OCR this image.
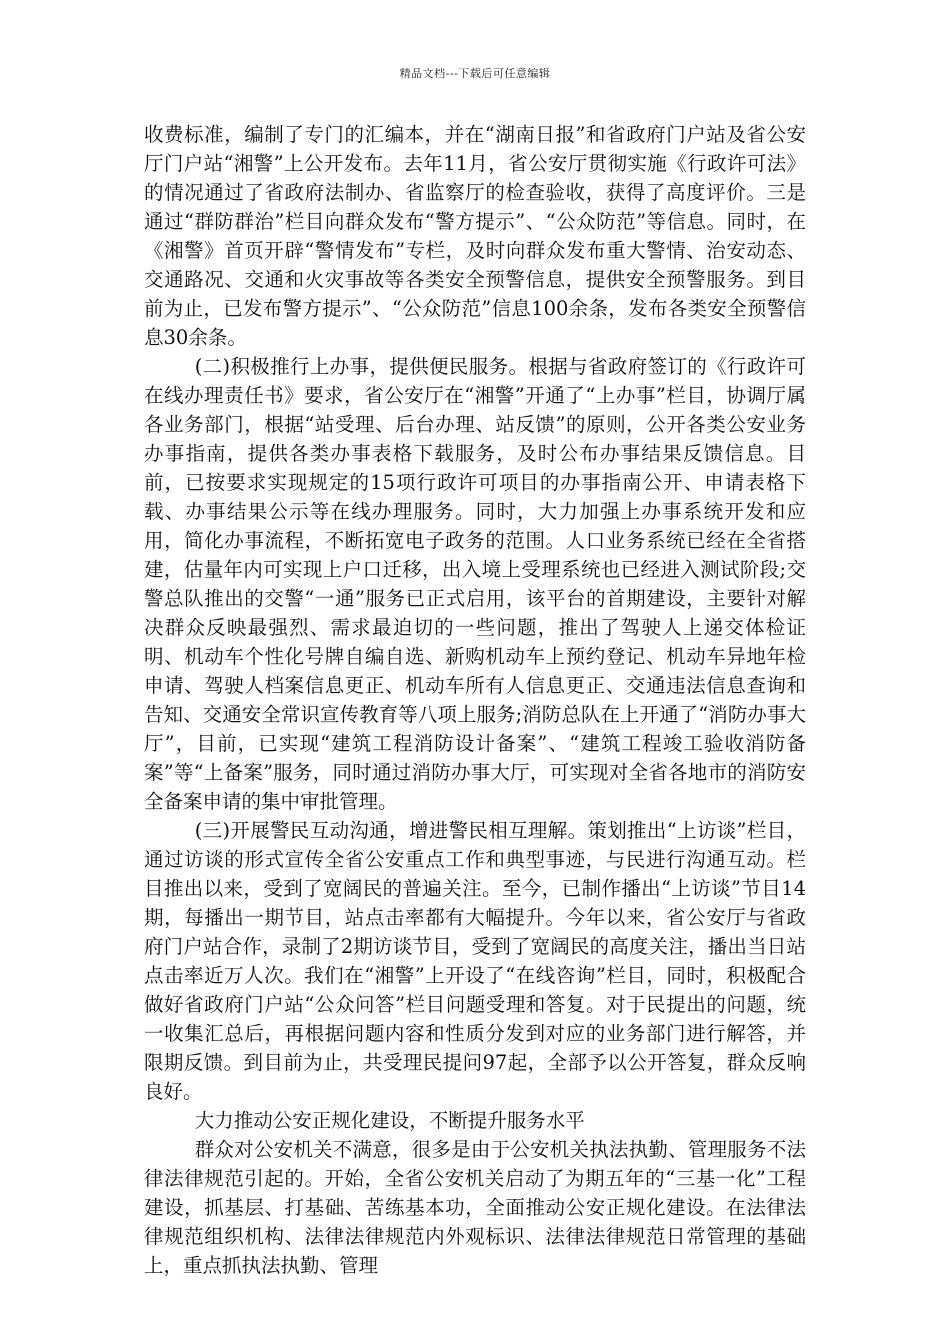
精品文档---下载后可任意编辑

收费标准，编制了专门的汇编本，并在“湖南日报”和省政府门户站及省公安厅门户站“湘警”上公开发布。去年11月，省公安厅贯彻实施《行政许可法》的情况通过了省政府法制办、省监察厅的检查验收，获得了高度评价。三是通过“群防群治”栏目向群众发布“警方提示”、“公众防范”等信息。同时，在《湘警》首页开辟“警情发布”专栏，及时向群众发布重大警情、治安动态、交通路况、交通和火灾事故等各类安全预警信息，提供安全预警服务。到目前为止，已发布警方提示”、“公众防范”信息100余条，发布各类安全预警信息30余条。

(二)积极推行上办事，提供便民服务。根据与省政府签订的《行政许可在线办理责任书》要求，省公安厅在“湘警”开通了“上办事”栏目，协调厅属各业务部门，根据“站受理、后台办理、站反馈”的原则，公开各类公安业务办事指南，提供各类办事表格下载服务，及时公布办事结果反馈信息。目前，已按要求实现规定的15项行政许可项目的办事指南公开、申请表格下载、办事结果公示等在线办理服务。同时，大力加强上办事系统开发和应用，简化办事流程，不断拓宽电子政务的范围。人口业务系统已经在全省搭建，估量年内可实现上户口迁移，出入境上受理系统也已经进入测试阶段;交警总队推出的交警“一通”服务已正式启用，该平台的首期建设，主要针对解决群众反映最强烈、需求最迫切的一些问题，推出了驾驶人上递交体检证明、机动车个性化号牌自编自选、新购机动车上预约登记、机动车异地年检申请、驾驶人档案信息更正、机动车所有人信息更正、交通违法信息查询和告知、交通安全常识宣传教育等八项上服务;消防总队在上开通了“消防办事大厅”，目前，已实现“建筑工程消防设计备案”、“建筑工程竣工验收消防备案”等“上备案”服务，同时通过消防办事大厅，可实现对全省各地市的消防安全备案申请的集中审批管理。

(三)开展警民互动沟通，增进警民相互理解。策划推出“上访谈”栏目，通过访谈的形式宣传全省公安重点工作和典型事迹，与民进行沟通互动。栏目推出以来，受到了宽阔民的普遍关注。至今，已制作播出“上访谈”节目14期，每播出一期节目，站点击率都有大幅提升。今年以来，省公安厅与省政府门户站合作，录制了2期访谈节目，受到了宽阔民的高度关注，播出当日站点击率近万人次。我们在“湘警”上开设了“在线咨询”栏目，同时，积极配合做好省政府门户站“公众问答”栏目问题受理和答复。对于民提出的问题，统一收集汇总后，再根据问题内容和性质分发到对应的业务部门进行解答，并限期反馈。到目前为止，共受理民提问97起，全部予以公开答复，群众反响良好。

大力推动公安正规化建设，不断提升服务水平

群众对公安机关不满意，很多是由于公安机关执法执勤、管理服务不法律法律规范引起的。开始，全省公安机关启动了为期五年的“三基一化”工程建设，抓基层、打基础、苦练基本功，全面推动公安正规化建设。在法律法律规范组织机构、法律法律规范内外观标识、法律法律规范日常管理的基础上，重点抓执法执勤、管理
